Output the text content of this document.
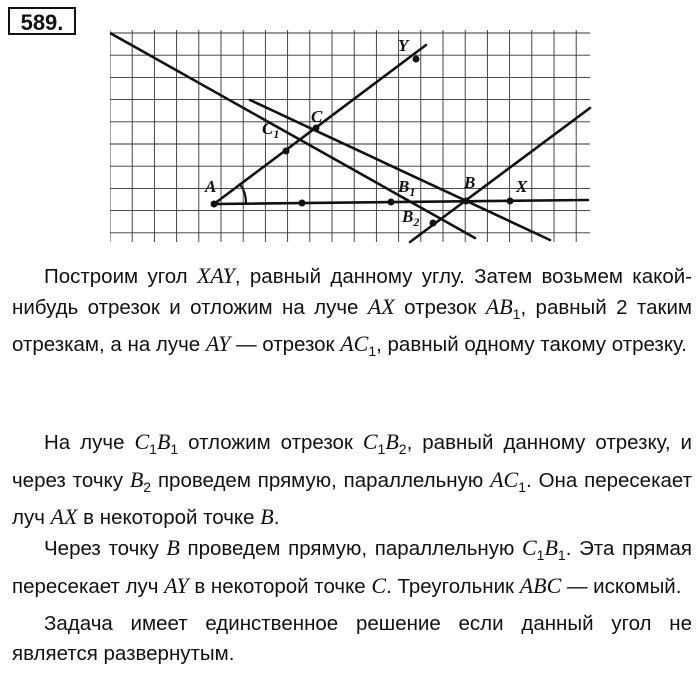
589.
A
Y
C
$C_1$
$B_1$	B X
$B_2$

Построим угол XAY, равный данному углу. Затем возьмем какой-нибудь отрезок и отложим на луче AX отрезок $AB_1$, равный 2 таким отрезкам, а на луче AY — отрезок $AC_1$, равный одному такому отрезку.

На луче $C_1B_1$ отложим отрезок $C_1B_2$, равный данному отрезку, и через точку $B_2$ проведем прямую, параллельную $AC_1$. Она пересекает луч AX в некоторой точке B.

Через точку B проведем прямую, параллельную $C_1B_1$. Эта прямая пересекает луч AY в некоторой точке C. Треугольник ABC — искомый.

Задача имеет единственное решение если данный угол не является развернутым.
